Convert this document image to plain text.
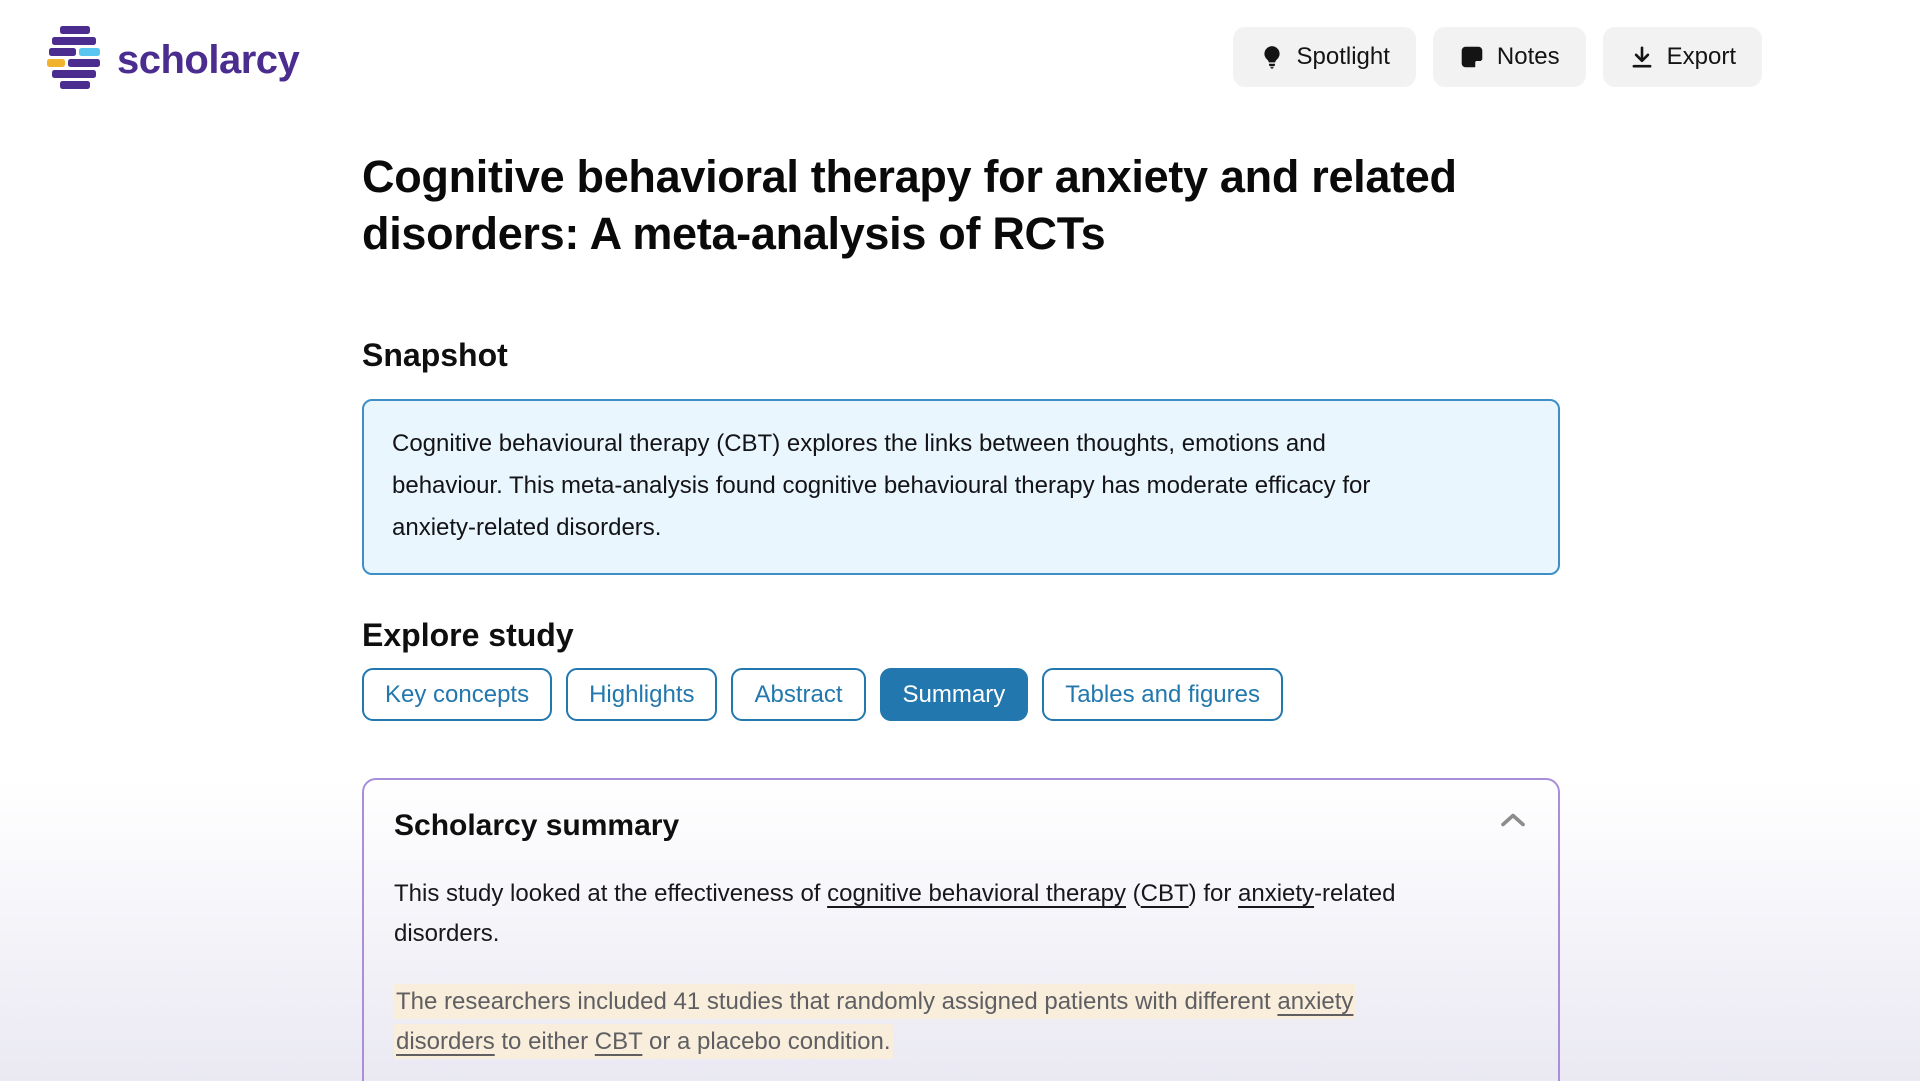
scholarcy	Spotlight	Notes	Export
Cognitive behavioral therapy for anxiety and related disorders: A meta-analysis of RCTs
Snapshot

Cognitive behavioural therapy (CBT) explores the links between thoughts, emotions and behaviour. This meta-analysis found cognitive behavioural therapy has moderate efficacy for anxiety-related disorders.

Explore study
Key concepts	Highlights	Abstract	Summary	Tables and figures
Scholarcy summary

This study looked at the effectiveness of cognitive behavioral therapy (CBT) for anxiety-related disorders.

The researchers included 41 studies that randomly assigned patients with different anxiety disorders to either CBT or a placebo condition.
